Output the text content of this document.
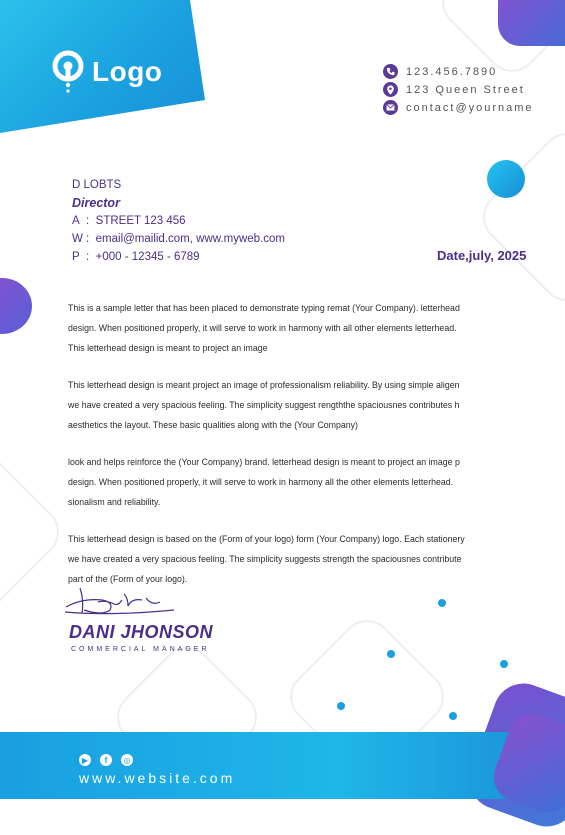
Logo	123.456.7890
123 Queen Street
contact@yourname
D LOBTS
Director
A  :  STREET 123 456
W :  email@mailid.com, www.myweb.com
P  :  +000 - 12345 - 6789	Date,july, 2025

This is a sample letter that has been placed to demonstrate typing remat (Your Company). letterhead
design. When positioned properly, it will serve to work in harmony with all other elements letterhead.
This letterhead design is meant to project an image

This letterhead design is meant project an image of professionalism reliability. By using simple aligen
we have created a very spacious feeling. The simplicity suggest rengththe spaciousnes contributes h
aesthetics the layout. These basic qualities along with the (Your Company)

look and helps reinforce the (Your Company) brand. letterhead design is meant to project an image p
design. When positioned properly, it will serve to work in harmony all the other elements letterhead.
sionalism and reliability.

This letterhead design is based on the (Form of your logo) form (Your Company) logo. Each stationery
we have created a very spacious feeling. The simplicity suggests strength the spaciousnes contribute
part of the (Form of your logo).

DANI JHONSON
COMMERCIAL MANAGER
▶	f	◎
www.website.com
